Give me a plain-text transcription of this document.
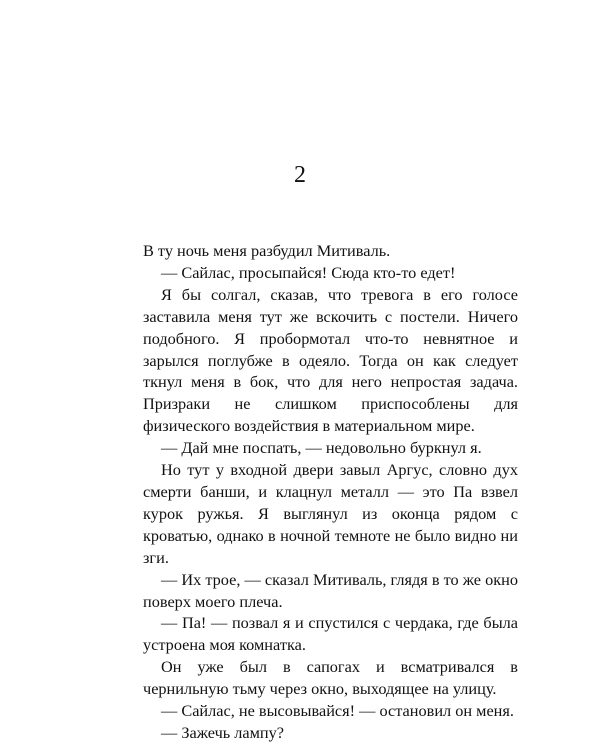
2

В ту ночь меня разбудил Митиваль.

— Сайлас, просыпайся! Сюда кто-то едет!

Я бы солгал, сказав, что тревога в его голосе заставила меня тут же вскочить с постели. Ничего подобного. Я пробормотал что-то невнятное и зарылся поглубже в одеяло. Тогда он как следует ткнул меня в бок, что для него непростая задача. Призраки не слишком приспособлены для физического воздействия в материальном мире.

— Дай мне поспать, — недовольно буркнул я.

Но тут у входной двери завыл Аргус, словно дух смерти банши, и клацнул металл — это Па взвел курок ружья. Я выглянул из оконца рядом с кроватью, однако в ночной темноте не было видно ни зги.

— Их трое, — сказал Митиваль, глядя в то же окно поверх моего плеча.

— Па! — позвал я и спустился с чердака, где была устроена моя комнатка.

Он уже был в сапогах и всматривался в чернильную тьму через окно, выходящее на улицу.

— Сайлас, не высовывайся! — остановил он меня.

— Зажечь лампу?
